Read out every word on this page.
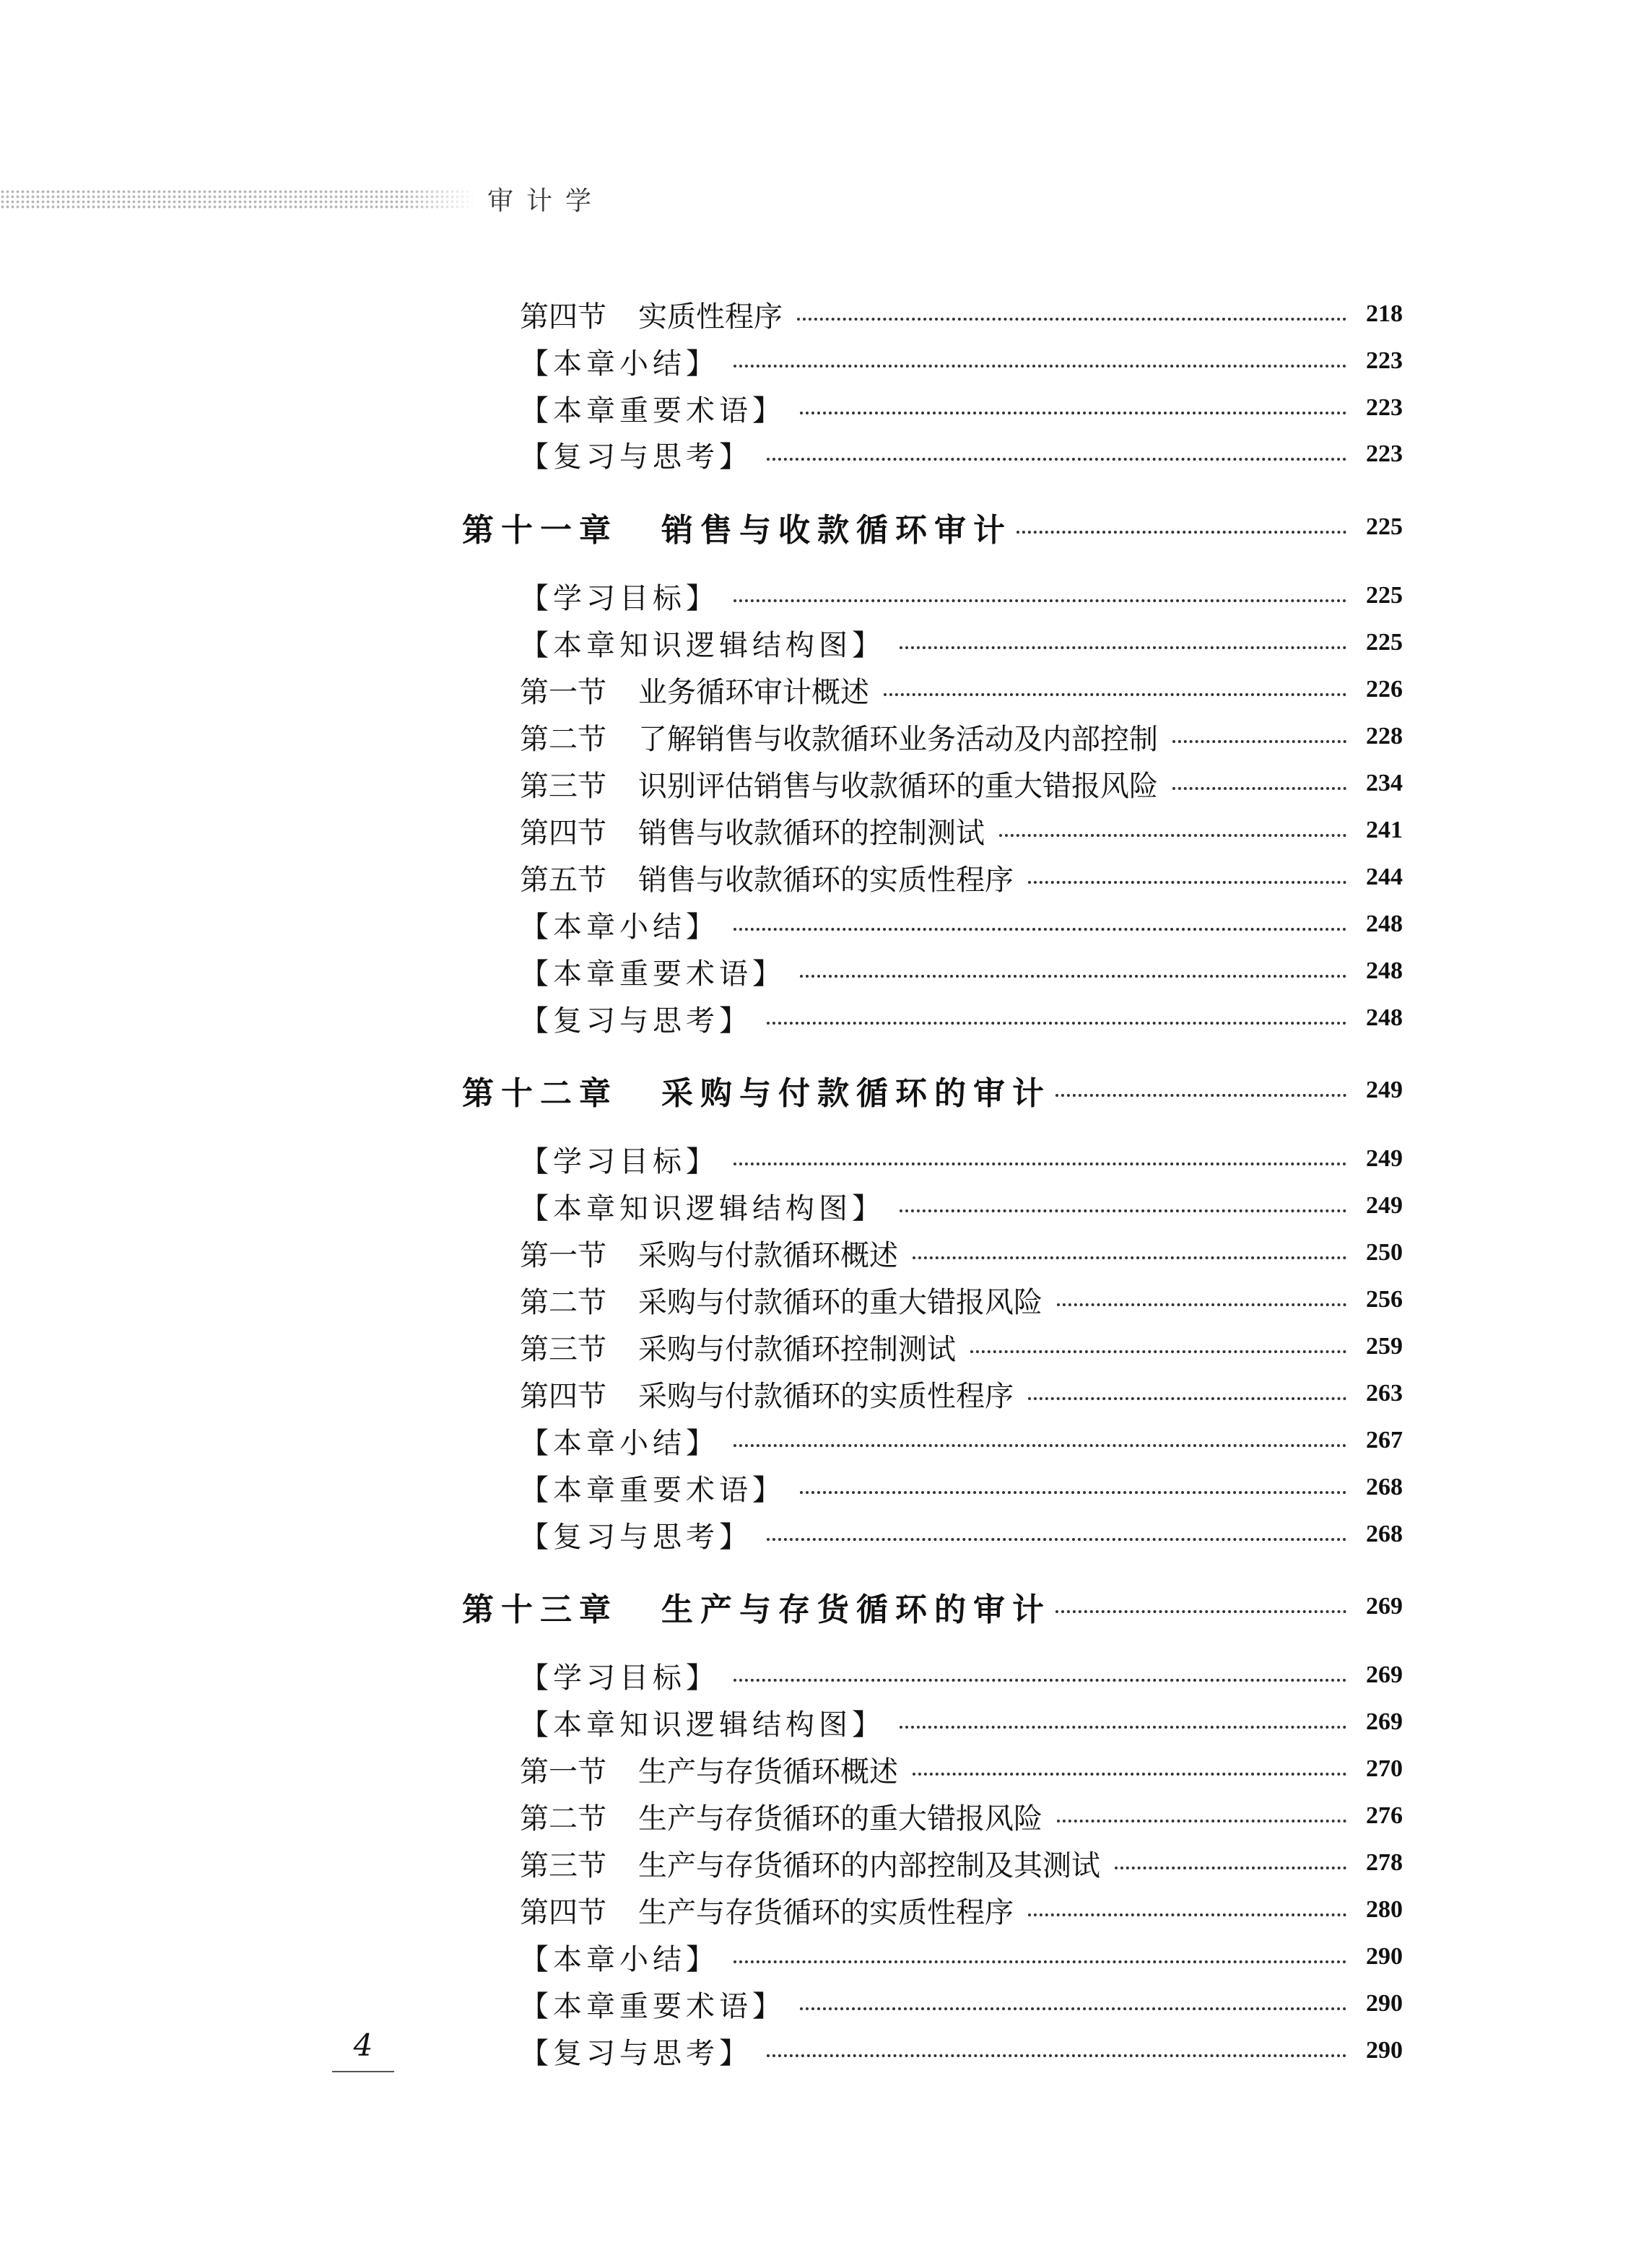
审计学
第四节 实质性程序	218
【本章小结】	223
【本章重要术语】	223
【复习与思考】	223
第十一章 销售与收款循环审计	225
【学习目标】	225
【本章知识逻辑结构图】	225
第一节 业务循环审计概述	226
第二节 了解销售与收款循环业务活动及内部控制	228
第三节 识别评估销售与收款循环的重大错报风险	234
第四节 销售与收款循环的控制测试	241
第五节 销售与收款循环的实质性程序	244
【本章小结】	248
【本章重要术语】	248
【复习与思考】	248
第十二章 采购与付款循环的审计	249
【学习目标】	249
【本章知识逻辑结构图】	249
第一节 采购与付款循环概述	250
第二节 采购与付款循环的重大错报风险	256
第三节 采购与付款循环控制测试	259
第四节 采购与付款循环的实质性程序	263
【本章小结】	267
【本章重要术语】	268
【复习与思考】	268
第十三章 生产与存货循环的审计	269
【学习目标】	269
【本章知识逻辑结构图】	269
第一节 生产与存货循环概述	270
第二节 生产与存货循环的重大错报风险	276
第三节 生产与存货循环的内部控制及其测试	278
第四节 生产与存货循环的实质性程序	280
【本章小结】	290
【本章重要术语】	290
【复习与思考】	290
4
